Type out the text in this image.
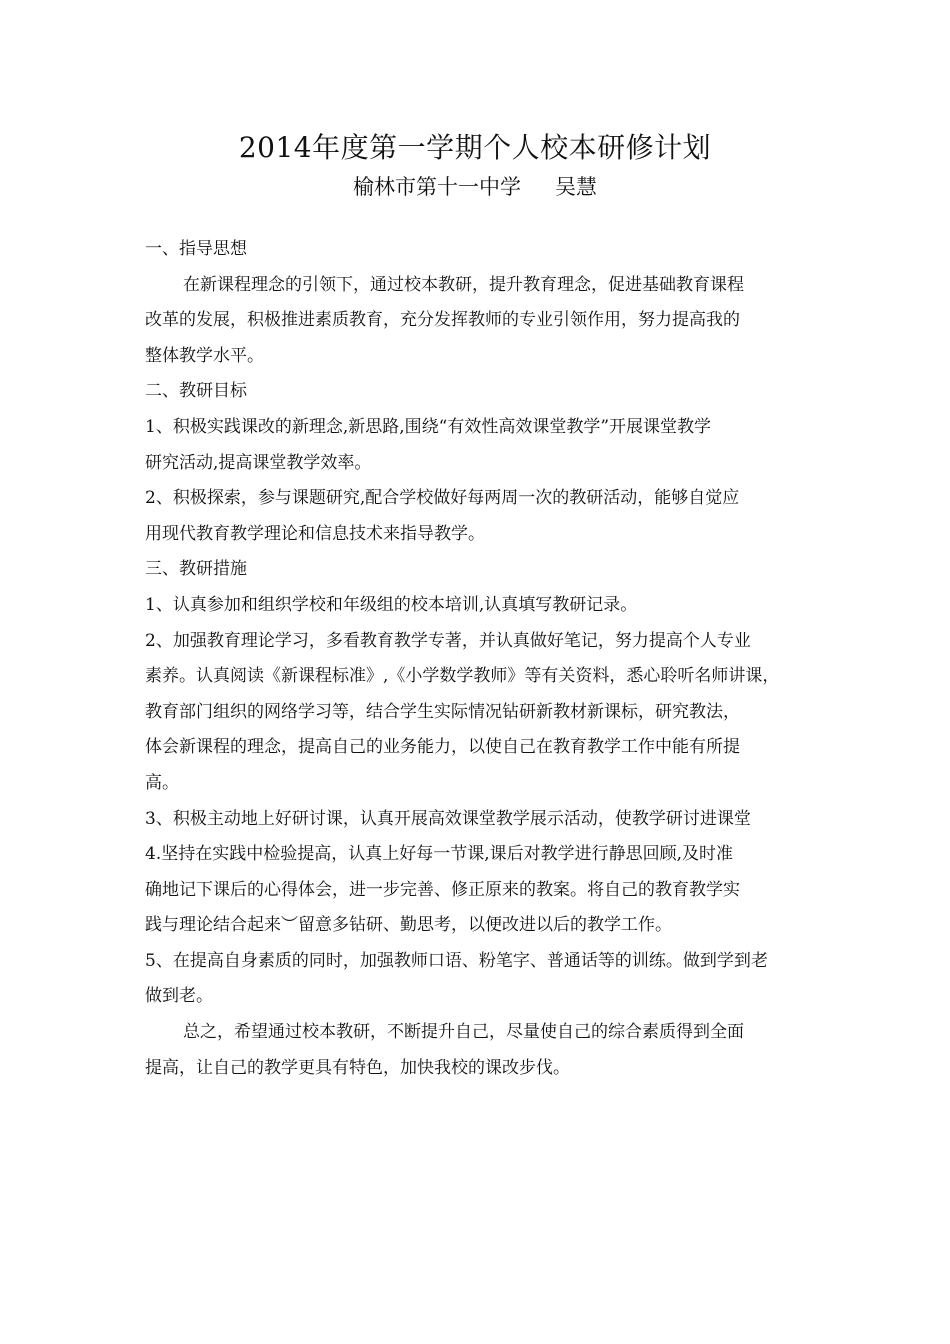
2014年度第一学期个人校本研修计划
榆林市第十一中学 吴慧
一、指导思想
在新课程理念的引领下，通过校本教研，提升教育理念，促进基础教育课程
改革的发展，积极推进素质教育，充分发挥教师的专业引领作用，努力提高我的
整体教学水平。
二、教研目标
1、积极实践课改的新理念,新思路,围绕“有效性高效课堂教学”开展课堂教学
研究活动,提高课堂教学效率。
2、积极探索，参与课题研究,配合学校做好每两周一次的教研活动，能够自觉应
用现代教育教学理论和信息技术来指导教学。
三、教研措施
1、认真参加和组织学校和年级组的校本培训,认真填写教研记录。
2、加强教育理论学习，多看教育教学专著，并认真做好笔记，努力提高个人专业
素养。认真阅读《新课程标准》,《小学数学教师》等有关资料，悉心聆听名师讲课，
教育部门组织的网络学习等，结合学生实际情况钻研新教材新课标，研究教法，
体会新课程的理念，提高自己的业务能力，以使自己在教育教学工作中能有所提
高。
3、积极主动地上好研讨课，认真开展高效课堂教学展示活动，使教学研讨进课堂
4.坚持在实践中检验提高，认真上好每一节课,课后对教学进行静思回顾,及时准
确地记下课后的心得体会，进一步完善、修正原来的教案。将自己的教育教学实
践与理论结合起来︶留意多钻研、勤思考，以便改进以后的教学工作。
5、在提高自身素质的同时，加强教师口语、粉笔字、普通话等的训练。做到学到老
做到老。
总之，希望通过校本教研，不断提升自己，尽量使自己的综合素质得到全面
提高，让自己的教学更具有特色，加快我校的课改步伐。
